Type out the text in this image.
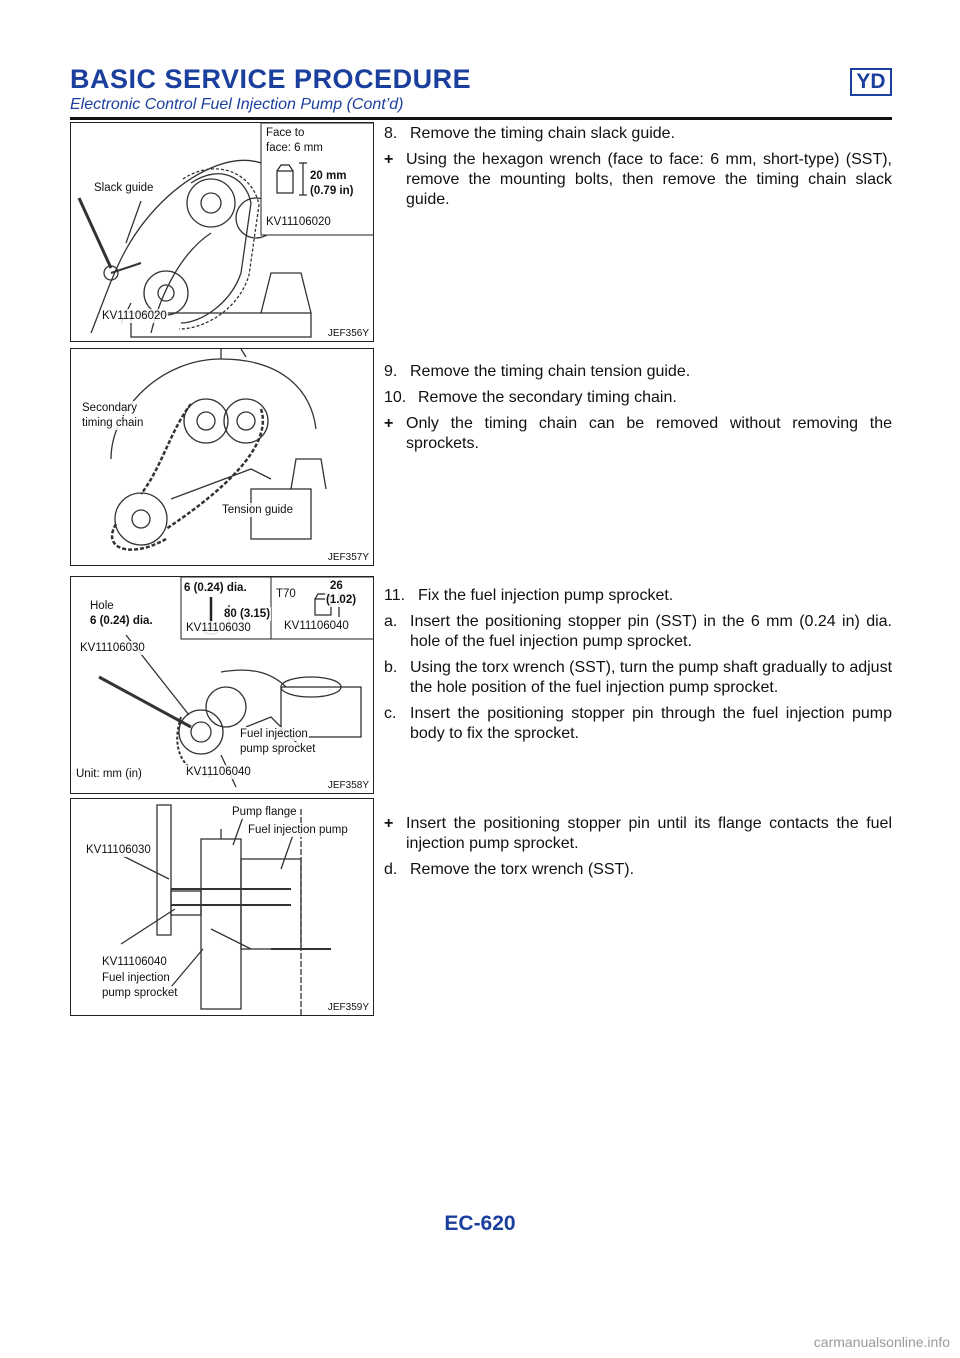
BASIC SERVICE PROCEDURE	YD
Electronic Control Fuel Injection Pump (Cont’d)
Face to
face: 6 mm
20 mm
(0.79 in)
KV11106020
Slack guide
KV11106020
JEF356Y
Secondary
timing chain
Tension guide
JEF357Y
Hole
6 (0.24) dia.
6 (0.24) dia.
80 (3.15)
KV11106030
T70
26
(1.02)
KV11106040
KV11106030
Fuel injection
pump sprocket
Unit: mm (in)	KV11106040
JEF358Y
Pump flange
Fuel injection pump
KV11106030
KV11106040
Fuel injection
pump sprocket
JEF359Y
8. Remove the timing chain slack guide.
+ Using the hexagon wrench (face to face: 6 mm, short-type) (SST), remove the mounting bolts, then remove the timing chain slack guide.
9. Remove the timing chain tension guide.
10. Remove the secondary timing chain.
+ Only the timing chain can be removed without removing the sprockets.
11. Fix the fuel injection pump sprocket.
a. Insert the positioning stopper pin (SST) in the 6 mm (0.24 in) dia. hole of the fuel injection pump sprocket.
b. Using the torx wrench (SST), turn the pump shaft gradually to adjust the hole position of the fuel injection pump sprocket.
c. Insert the positioning stopper pin through the fuel injection pump body to fix the sprocket.
+ Insert the positioning stopper pin until its flange contacts the fuel injection pump sprocket.
d. Remove the torx wrench (SST).
EC-620
carmanualsonline.info
